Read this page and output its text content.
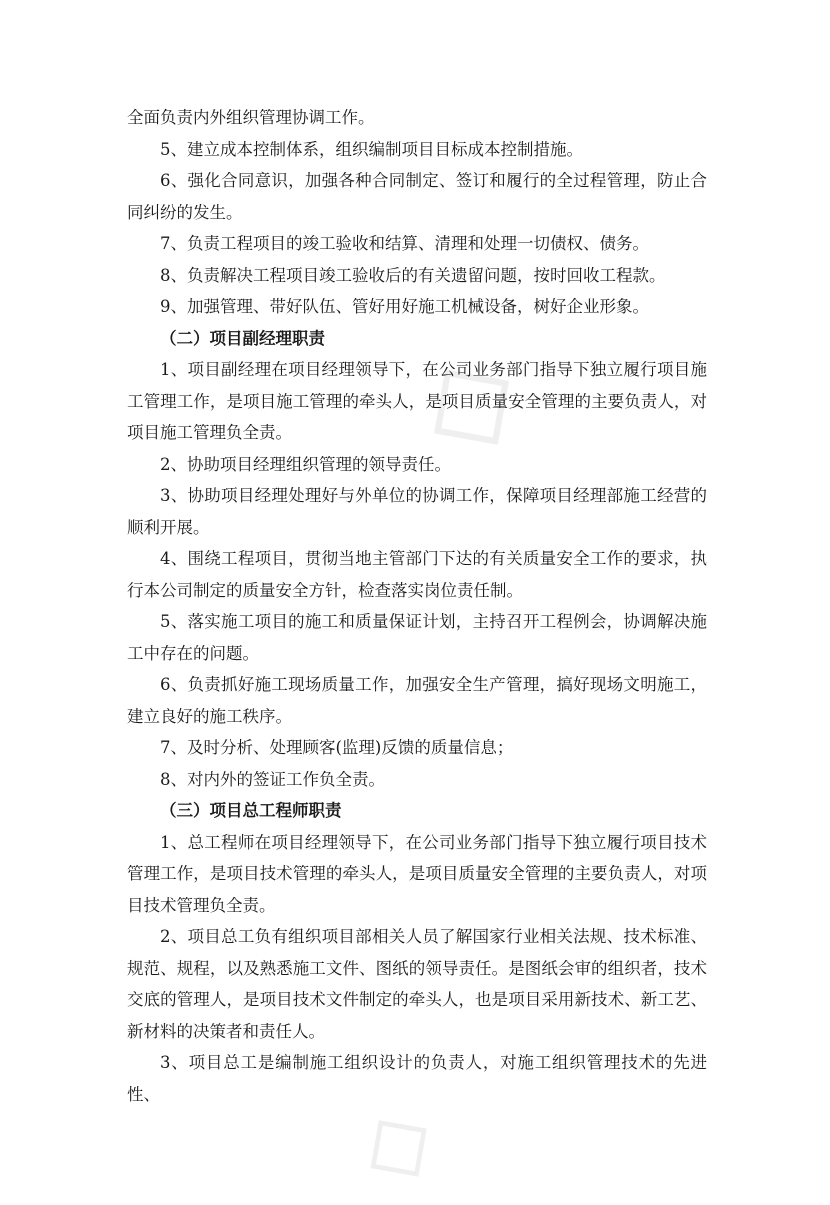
◇
◇

全面负责内外组织管理协调工作。

5、建立成本控制体系，组织编制项目目标成本控制措施。

6、强化合同意识，加强各种合同制定、签订和履行的全过程管理，防止合同纠纷的发生。

7、负责工程项目的竣工验收和结算、清理和处理一切债权、债务。

8、负责解决工程项目竣工验收后的有关遗留问题，按时回收工程款。

9、加强管理、带好队伍、管好用好施工机械设备，树好企业形象。

（二）项目副经理职责

1、项目副经理在项目经理领导下，在公司业务部门指导下独立履行项目施工管理工作，是项目施工管理的牵头人，是项目质量安全管理的主要负责人，对项目施工管理负全责。

2、协助项目经理组织管理的领导责任。

3、协助项目经理处理好与外单位的协调工作，保障项目经理部施工经营的顺利开展。

4、围绕工程项目，贯彻当地主管部门下达的有关质量安全工作的要求，执行本公司制定的质量安全方针，检查落实岗位责任制。

5、落实施工项目的施工和质量保证计划，主持召开工程例会，协调解决施工中存在的问题。

6、负责抓好施工现场质量工作，加强安全生产管理，搞好现场文明施工，建立良好的施工秩序。

7、及时分析、处理顾客(监理)反馈的质量信息；

8、对内外的签证工作负全责。

（三）项目总工程师职责

1、总工程师在项目经理领导下，在公司业务部门指导下独立履行项目技术管理工作，是项目技术管理的牵头人，是项目质量安全管理的主要负责人，对项目技术管理负全责。

2、项目总工负有组织项目部相关人员了解国家行业相关法规、技术标准、规范、规程，以及熟悉施工文件、图纸的领导责任。是图纸会审的组织者，技术交底的管理人，是项目技术文件制定的牵头人，也是项目采用新技术、新工艺、新材料的决策者和责任人。

3、项目总工是编制施工组织设计的负责人，对施工组织管理技术的先进性、
